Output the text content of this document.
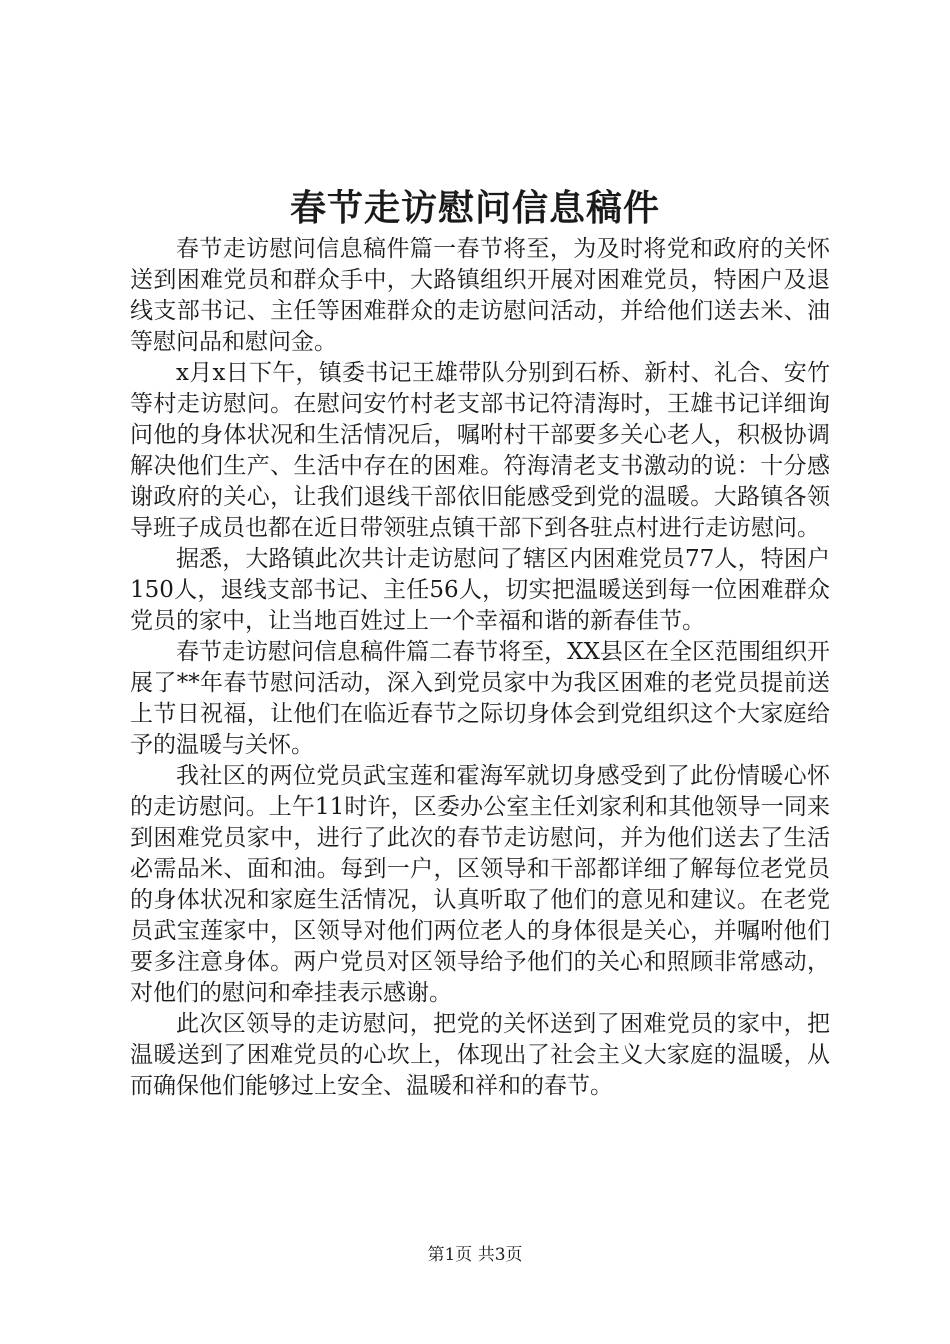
春节走访慰问信息稿件

春节走访慰问信息稿件篇一春节将至，为及时将党和政府的关怀送到困难党员和群众手中，大路镇组织开展对困难党员，特困户及退线支部书记、主任等困难群众的走访慰问活动，并给他们送去米、油等慰问品和慰问金。

x月x日下午，镇委书记王雄带队分别到石桥、新村、礼合、安竹等村走访慰问。在慰问安竹村老支部书记符清海时，王雄书记详细询问他的身体状况和生活情况后，嘱咐村干部要多关心老人，积极协调解决他们生产、生活中存在的困难。符海清老支书激动的说：十分感谢政府的关心，让我们退线干部依旧能感受到党的温暖。大路镇各领导班子成员也都在近日带领驻点镇干部下到各驻点村进行走访慰问。

据悉，大路镇此次共计走访慰问了辖区内困难党员77人，特困户150人，退线支部书记、主任56人，切实把温暖送到每一位困难群众党员的家中，让当地百姓过上一个幸福和谐的新春佳节。

春节走访慰问信息稿件篇二春节将至，XX县区在全区范围组织开展了**年春节慰问活动，深入到党员家中为我区困难的老党员提前送上节日祝福，让他们在临近春节之际切身体会到党组织这个大家庭给予的温暖与关怀。

我社区的两位党员武宝莲和霍海军就切身感受到了此份情暖心怀的走访慰问。上午11时许，区委办公室主任刘家利和其他领导一同来到困难党员家中，进行了此次的春节走访慰问，并为他们送去了生活必需品米、面和油。每到一户，区领导和干部都详细了解每位老党员的身体状况和家庭生活情况，认真听取了他们的意见和建议。在老党员武宝莲家中，区领导对他们两位老人的身体很是关心，并嘱咐他们要多注意身体。两户党员对区领导给予他们的关心和照顾非常感动，对他们的慰问和牵挂表示感谢。

此次区领导的走访慰问，把党的关怀送到了困难党员的家中，把温暖送到了困难党员的心坎上，体现出了社会主义大家庭的温暖，从而确保他们能够过上安全、温暖和祥和的春节。

第1页 共3页
